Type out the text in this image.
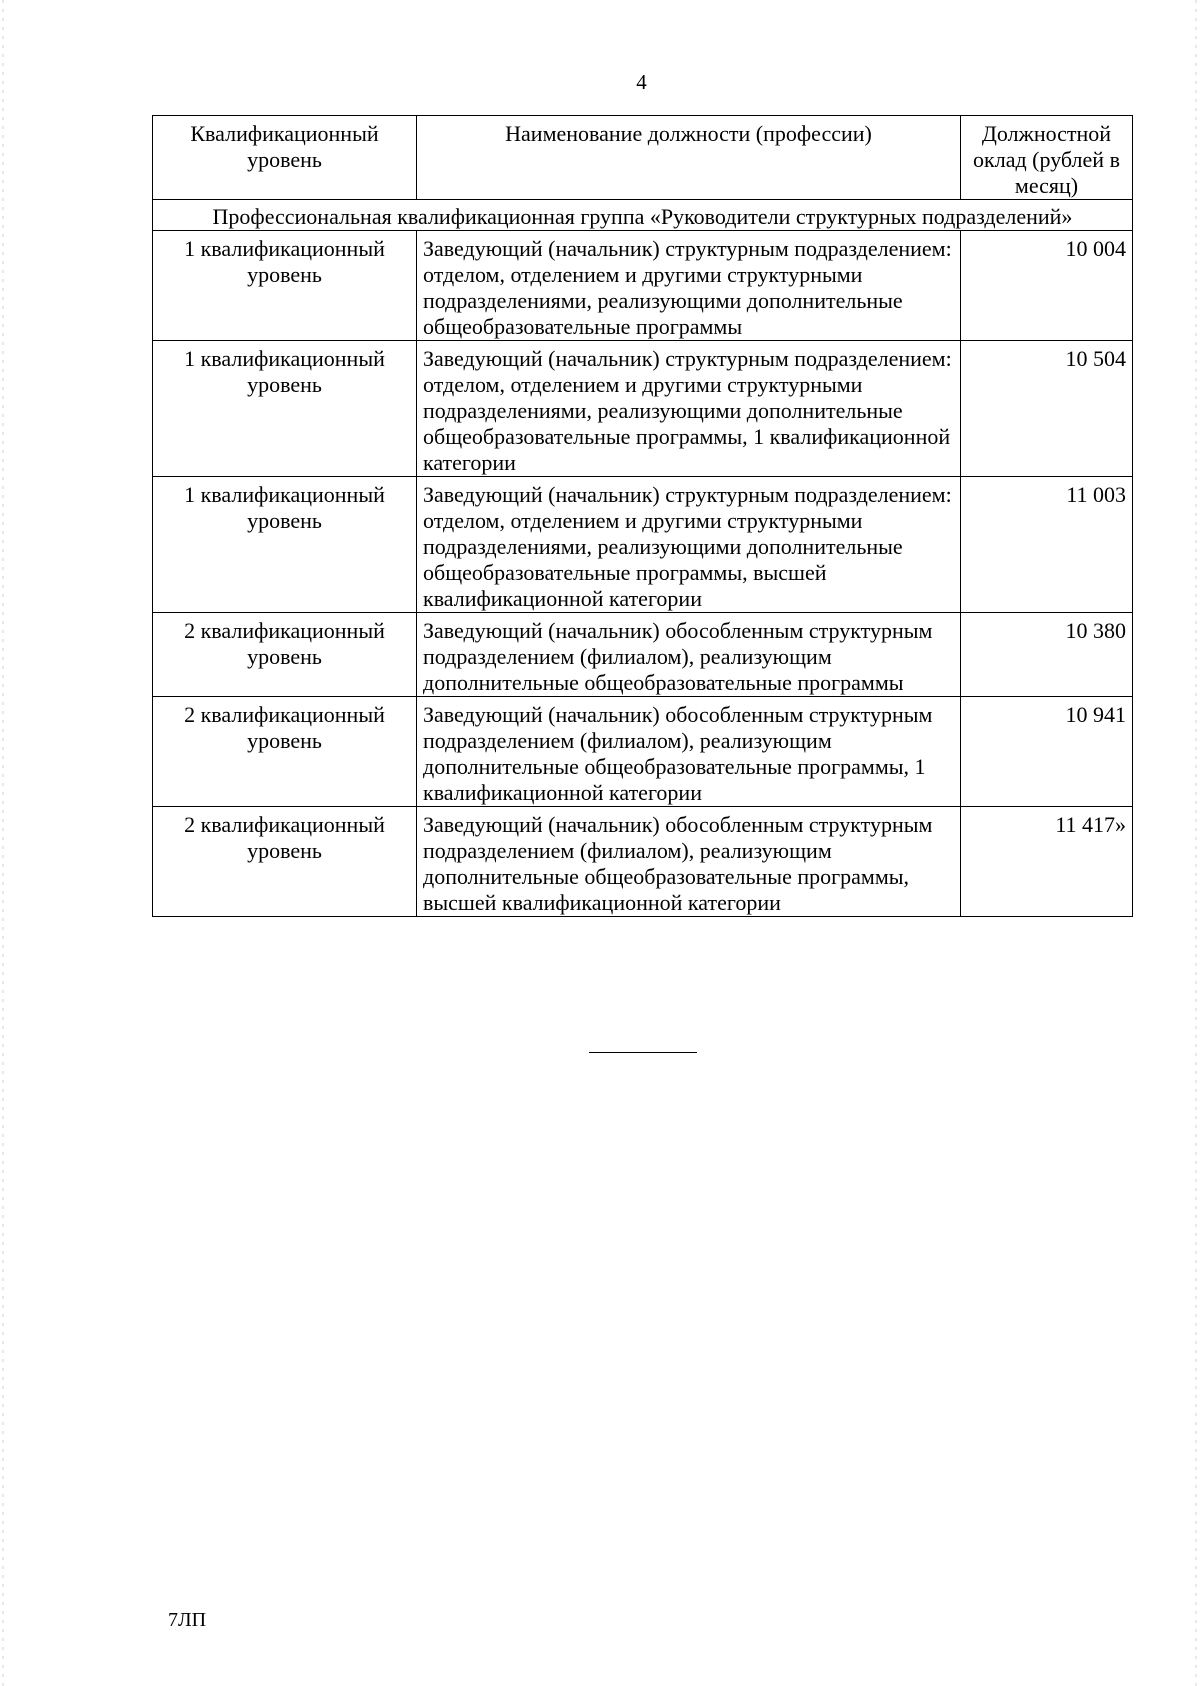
4
Квалификационный уровень	Наименование должности (профессии)	Должностной оклад (рублей в месяц)
Профессиональная квалификационная группа «Руководители структурных подразделений»		
1 квалификационный уровень	Заведующий (начальник) структурным подразделением: отделом, отделением и другими структурными подразделениями, реализующими дополнительные общеобразовательные программы	10 004
1 квалификационный уровень	Заведующий (начальник) структурным подразделением: отделом, отделением и другими структурными подразделениями, реализующими дополнительные общеобразовательные программы, 1 квалификационной категории	10 504
1 квалификационный уровень	Заведующий (начальник) структурным подразделением: отделом, отделением и другими структурными подразделениями, реализующими дополнительные общеобразовательные программы, высшей квалификационной категории	11 003
2 квалификационный уровень	Заведующий (начальник) обособленным структурным подразделением (филиалом), реализующим дополнительные общеобразовательные программы	10 380
2 квалификационный уровень	Заведующий (начальник) обособленным структурным подразделением (филиалом), реализующим дополнительные общеобразовательные программы, 1 квалификационной категории	10 941
2 квалификационный уровень	Заведующий (начальник) обособленным структурным подразделением (филиалом), реализующим дополнительные общеобразовательные программы, высшей квалификационной категории	11 417»
7ЛП
